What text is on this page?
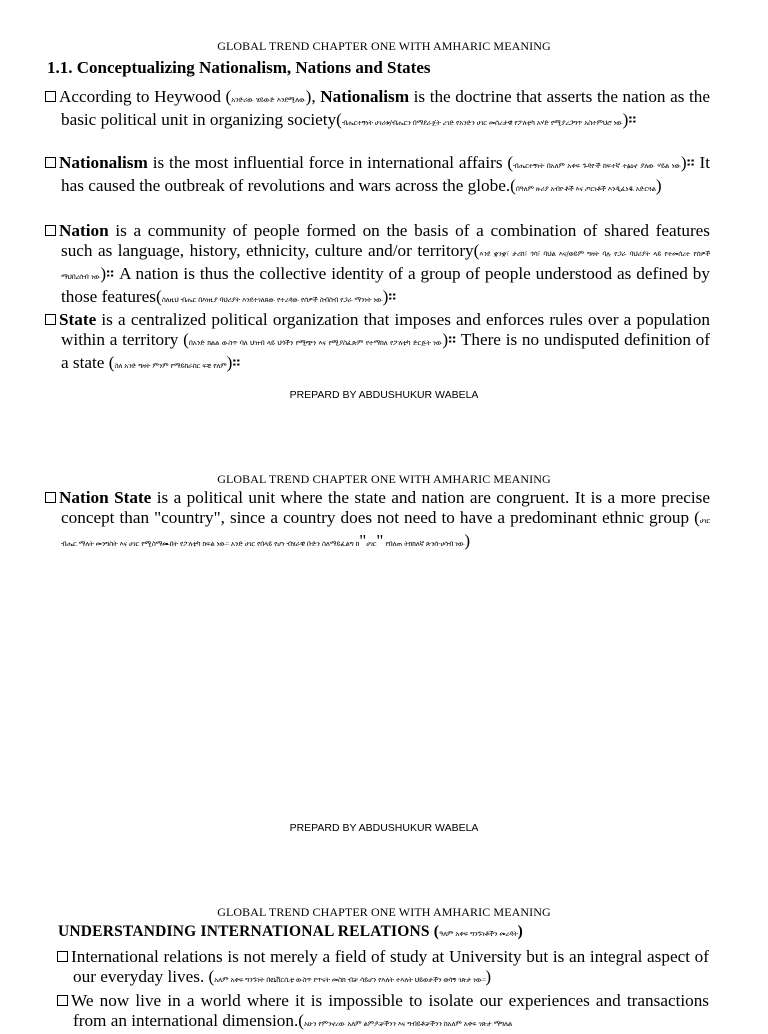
GLOBAL TREND CHAPTER ONE WITH AMHARIC MEANING
1.1. Conceptualizing Nationalism, Nations and States
According to Heywood (አንድሪው ሄይውድ እንደሚለው), Nationalism is the doctrine that asserts the nation as the basic political unit in organizing society(ብሔርተኝነት ሀገሪቱ/ብሔርን በማደራጀት ረገድ የአንድን ሀገር መሰረታዊ የፖለቲካ አሃድ የሚያረጋግጥ አስተምህሮ ነው)።
Nationalism is the most influential force in international affairs (ብሔርተኝነት በአለም አቀፍ ጉዳዮች ከፍተኛ ተፅዕኖ ያለው ሃይል ነው)። It has caused the outbreak of revolutions and wars across the globe.(በዓለም ዙሪያ አብዮቶች እና ጦርነቶች እንዲፈነዱ አድርጓል)
Nation is a community of people formed on the basis of a combination of shared features such as language, history, ethnicity, culture and/or territory(እንደ ቋንቋ፣ ታሪክ፣ ጎሳ፣ ባህል እና/ወይም ግዛት ባሉ የጋራ ባህሪያት ላይ የተመሰረተ የሰዎች ማህበረሰብ ነው)። A nation is thus the collective identity of a group of people understood as defined by those features(ስለዚህ ብሔር በእነዚያ ባህሪያት እንደተገለጸው የተረዳው የሰዎች ስብስብ የጋራ ማንነት ነው)።
State is a centralized political organization that imposes and enforces rules over a population within a territory (በአንድ ክልል ውስጥ ባለ ህዝብ ላይ ህጎችን የሚጭን እና የሚያስፈጽም የተማከለ የፖለቲካ ድርጅት ነው)። There is no undisputed definition of a state (ስለ አንድ ግዛት ምንም የማይከራከር ፍቺ የለም)።
PREPARD BY ABDUSHUKUR WABELA
GLOBAL TREND CHAPTER ONE WITH AMHARIC MEANING
Nation State is a political unit where the state and nation are congruent. It is a more precise concept than "country", since a country does not need to have a predominant ethnic group (ሀገር ብሔር ማለት መንግስት እና ሀገር የሚስማሙበት የፖለቲካ ክፍል ነው። አንድ ሀገር የበላይ የሆነ ብሄራዊ ቡድን ስለማይፈልግ ከ"ሀገር" የበለጠ ትክክለኛ ጽንሰ-ሀሳብ ነው)
PREPARD BY ABDUSHUKUR WABELA
GLOBAL TREND CHAPTER ONE WITH AMHARIC MEANING
UNDERSTANDING INTERNATIONAL RELATIONS (ዓለም አቀፍ ግንኙነቶችን መረዳት)
International relations is not merely a field of study at University but is an integral aspect of our everyday lives. (አለም አቀፍ ግንኙነት በዩኒቨርሲቲ ውስጥ የጥናት መስክ ብቻ ሳይሆን የእለት ተእለት ህይወታችን ወሳኝ ገጽታ ነው።)
We now live in a world where it is impossible to isolate our experiences and transactions from an international dimension.(አሁን የምንኖረው አለም ልምዶቻችንን እና ግብይቶቻችንን ከአለም አቀፍ ገጽታ ማግለል
